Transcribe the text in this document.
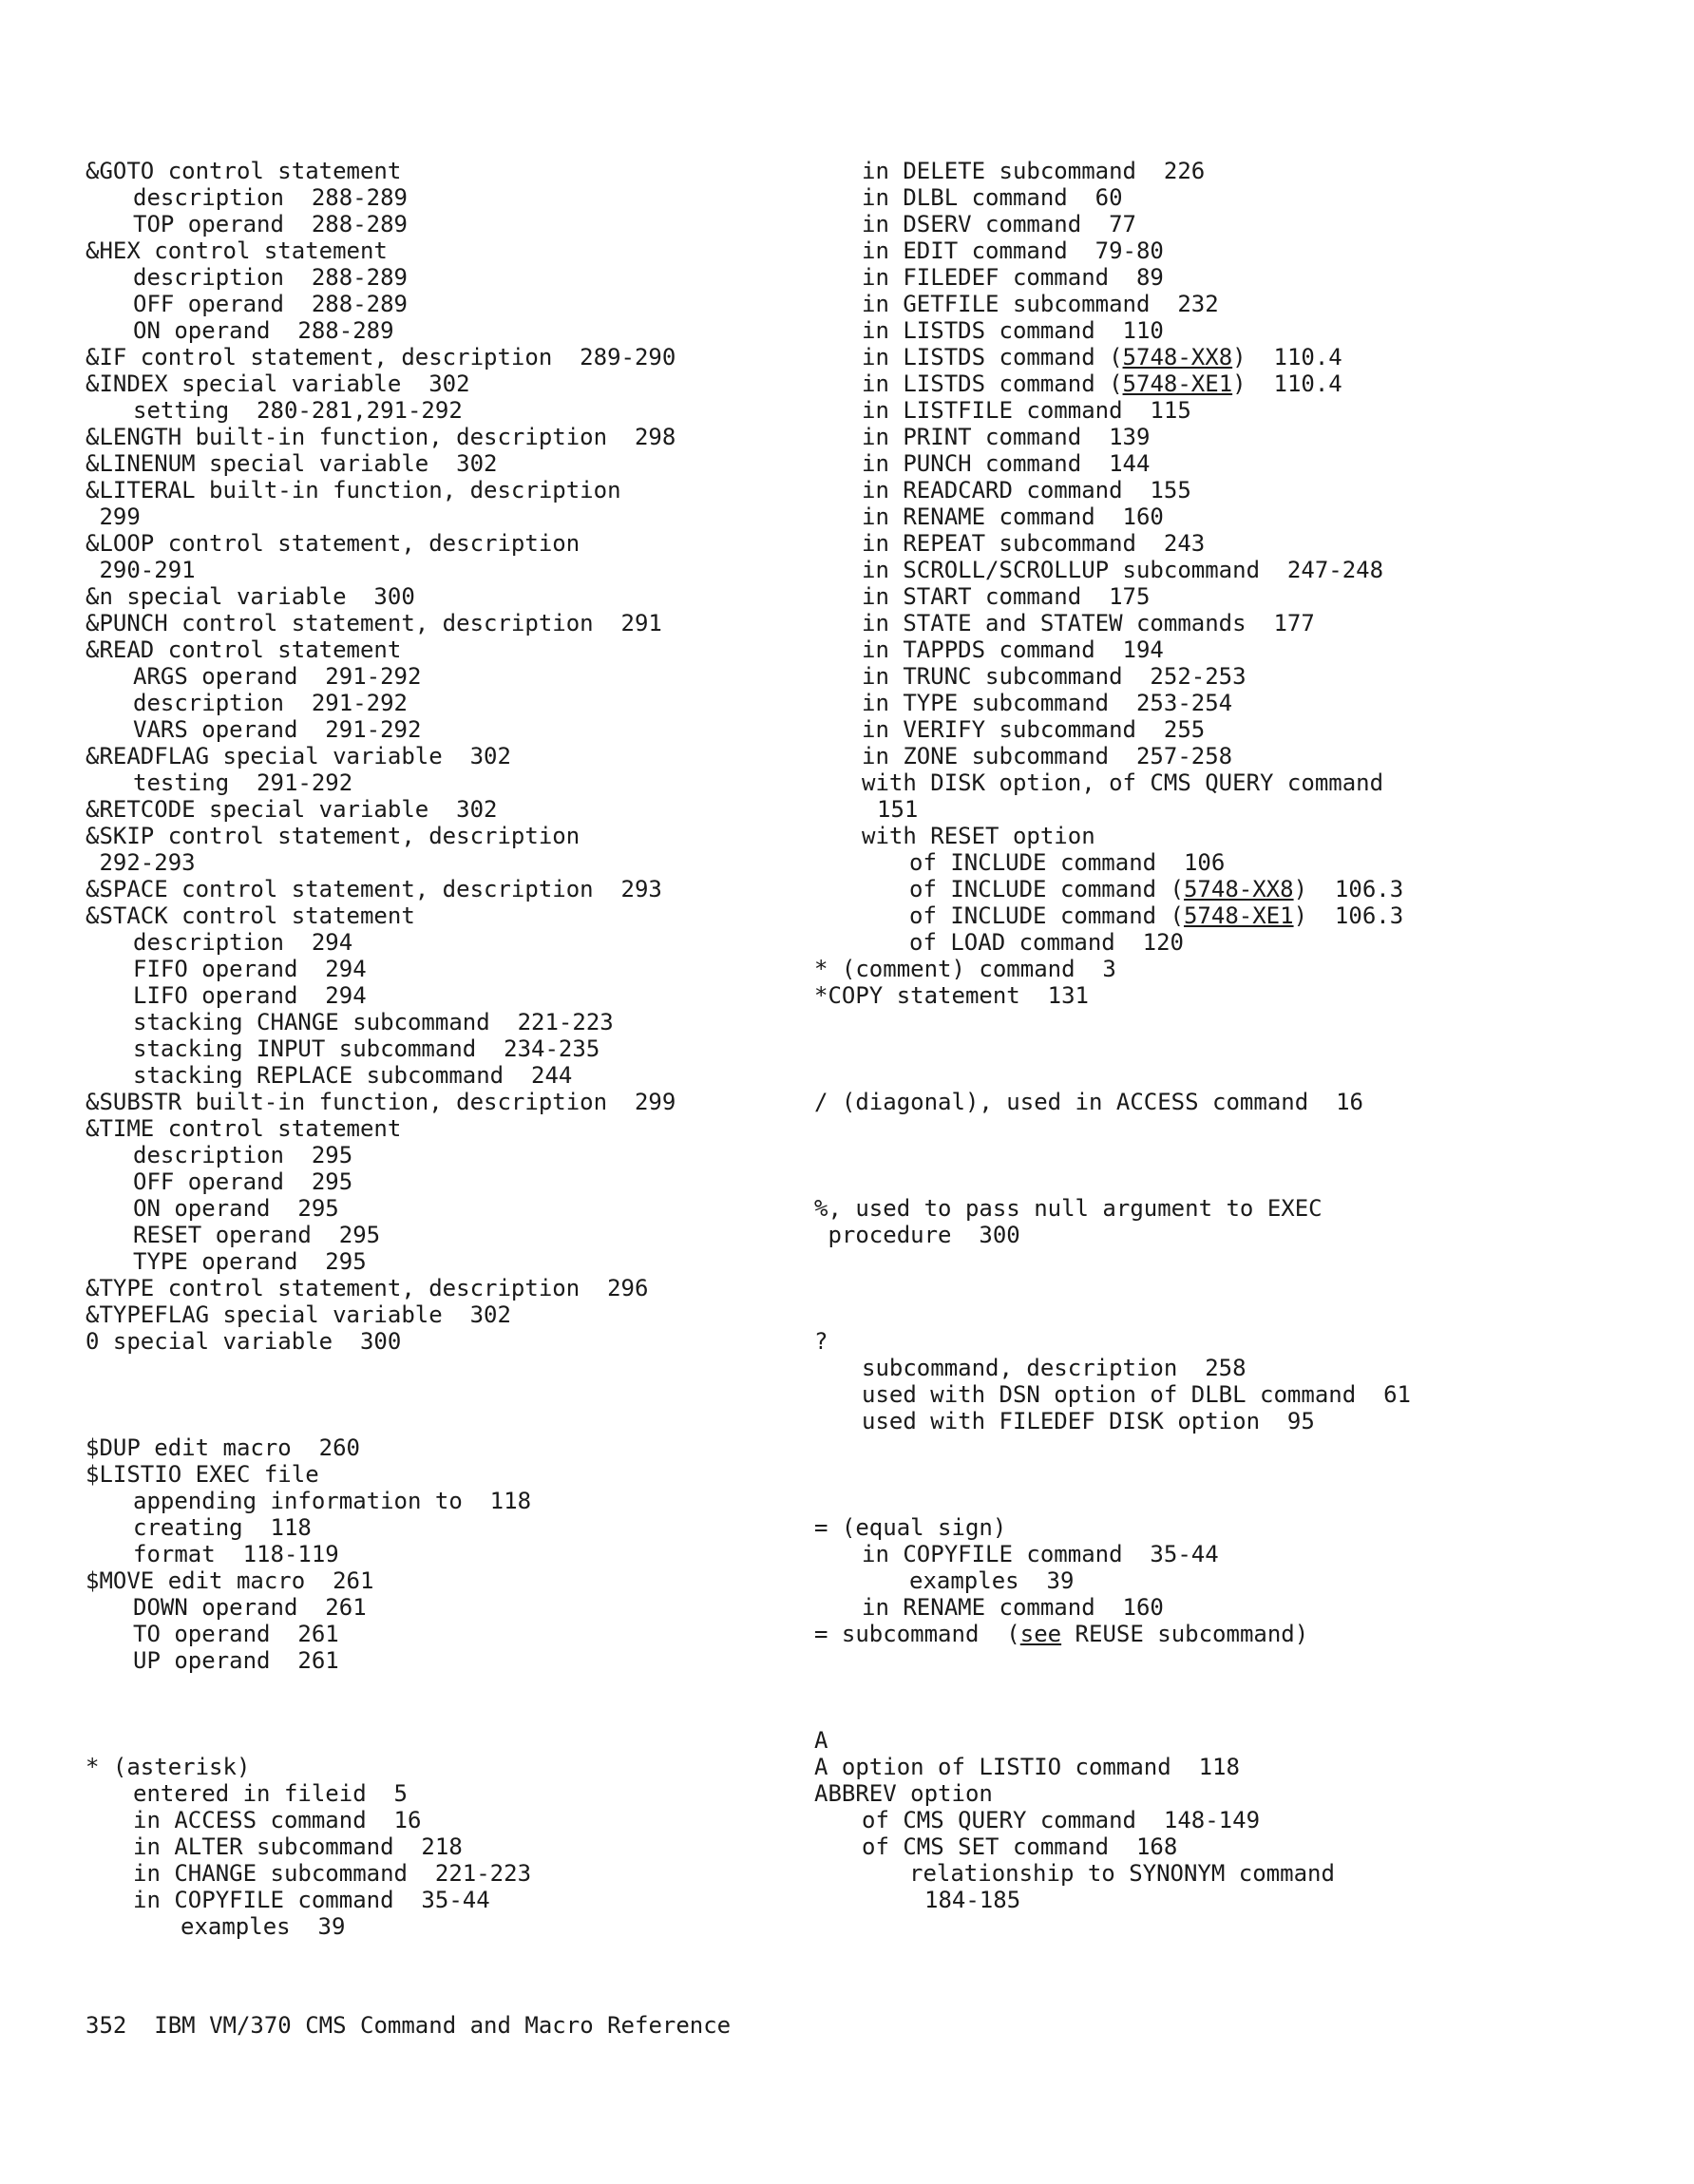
&GOTO control statement
description  288-289
TOP operand  288-289
&HEX control statement
description  288-289
OFF operand  288-289
ON operand  288-289
&IF control statement, description  289-290
&INDEX special variable  302
setting  280-281,291-292
&LENGTH built-in function, description  298
&LINENUM special variable  302
&LITERAL built-in function, description
299
&LOOP control statement, description
290-291
&n special variable  300
&PUNCH control statement, description  291
&READ control statement
ARGS operand  291-292
description  291-292
VARS operand  291-292
&READFLAG special variable  302
testing  291-292
&RETCODE special variable  302
&SKIP control statement, description
292-293
&SPACE control statement, description  293
&STACK control statement
description  294
FIFO operand  294
LIFO operand  294
stacking CHANGE subcommand  221-223
stacking INPUT subcommand  234-235
stacking REPLACE subcommand  244
&SUBSTR built-in function, description  299
&TIME control statement
description  295
OFF operand  295
ON operand  295
RESET operand  295
TYPE operand  295
&TYPE control statement, description  296
&TYPEFLAG special variable  302
0 special variable  300
$DUP edit macro  260
$LISTIO EXEC file
appending information to  118
creating  118
format  118-119
$MOVE edit macro  261
DOWN operand  261
TO operand  261
UP operand  261
* (asterisk)
entered in fileid  5
in ACCESS command  16
in ALTER subcommand  218
in CHANGE subcommand  221-223
in COPYFILE command  35-44
examples  39
in DELETE subcommand  226
in DLBL command  60
in DSERV command  77
in EDIT command  79-80
in FILEDEF command  89
in GETFILE subcommand  232
in LISTDS command  110
in LISTDS command (5748-XX8)  110.4
in LISTDS command (5748-XE1)  110.4
in LISTFILE command  115
in PRINT command  139
in PUNCH command  144
in READCARD command  155
in RENAME command  160
in REPEAT subcommand  243
in SCROLL/SCROLLUP subcommand  247-248
in START command  175
in STATE and STATEW commands  177
in TAPPDS command  194
in TRUNC subcommand  252-253
in TYPE subcommand  253-254
in VERIFY subcommand  255
in ZONE subcommand  257-258
with DISK option, of CMS QUERY command
151
with RESET option
of INCLUDE command  106
of INCLUDE command (5748-XX8)  106.3
of INCLUDE command (5748-XE1)  106.3
of LOAD command  120
* (comment) command  3
*COPY statement  131
/ (diagonal), used in ACCESS command  16
%, used to pass null argument to EXEC
procedure  300
?
subcommand, description  258
used with DSN option of DLBL command  61
used with FILEDEF DISK option  95
= (equal sign)
in COPYFILE command  35-44
examples  39
in RENAME command  160
= subcommand  (see REUSE subcommand)
A
A option of LISTIO command  118
ABBREV option
of CMS QUERY command  148-149
of CMS SET command  168
relationship to SYNONYM command
184-185
352 IBM VM/370 CMS Command and Macro Reference
